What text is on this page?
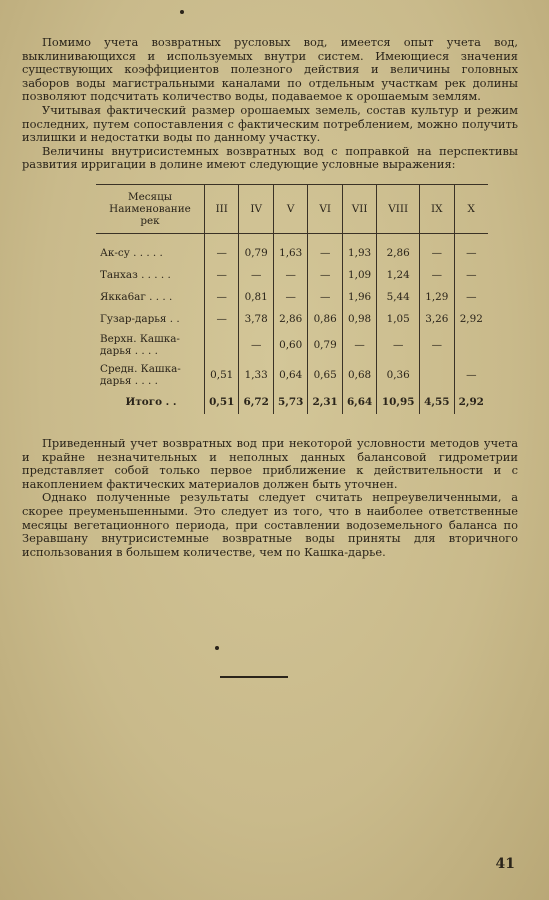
Помимо учета возвратных русловых вод, имеется опыт учета вод, выклинивающихся и используемых внутри систем. Имеющиеся значения существующих коэффициентов полезного действия и величины головных заборов воды магистральными каналами по отдельным участкам рек долины позволяют подсчитать количество воды, подаваемое к орошаемым землям.

Учитывая фактический размер орошаемых земель, состав культур и режим последних, путем сопоставления с фактическим потреблением, можно получить излишки и недостатки воды по данному участку.

Величины внутрисистемных возвратных вод с поправкой на перспективы развития ирригации в долине имеют следующие условные выражения:

Месяцы
Наименование
рек	III	IV	V	VI	VII	VIII	IX	X
Ак-су . . . . .	—	0,79	1,63	—	1,93	2,86	—	—
Танхаз . . . . .	—	—	—	—	1,09	1,24	—	—
Якка6аг . . . .	—	0,81	—	—	1,96	5,44	1,29	—
Гузар-дарья . .	—	3,78	2,86	0,86	0,98	1,05	3,26	2,92
Верхн. Кашка-дарья . . . .		—	0,60	0,79	—	—	—	
Средн. Кашка-дарья . . . .	0,51	1,33	0,64	0,65	0,68	0,36		—
Итого . .	0,51	6,72	5,73	2,31	6,64	10,95	4,55	2,92

Приведенный учет возвратных вод при некоторой условности методов учета и крайне незначительных и неполных данных балансовой гидрометрии представляет собой только первое приближение к действительности и с накоплением фактических материалов должен быть уточнен.

Однако полученные результаты следует считать непреувеличенными, а скорее преуменьшенными. Это следует из того, что в наиболее ответственные месяцы вегетационного периода, при составлении водоземельного баланса по Зеравшану внутрисистемные возвратные воды приняты для вторичного использования в большем количестве, чем по Кашка-дарье.

41
